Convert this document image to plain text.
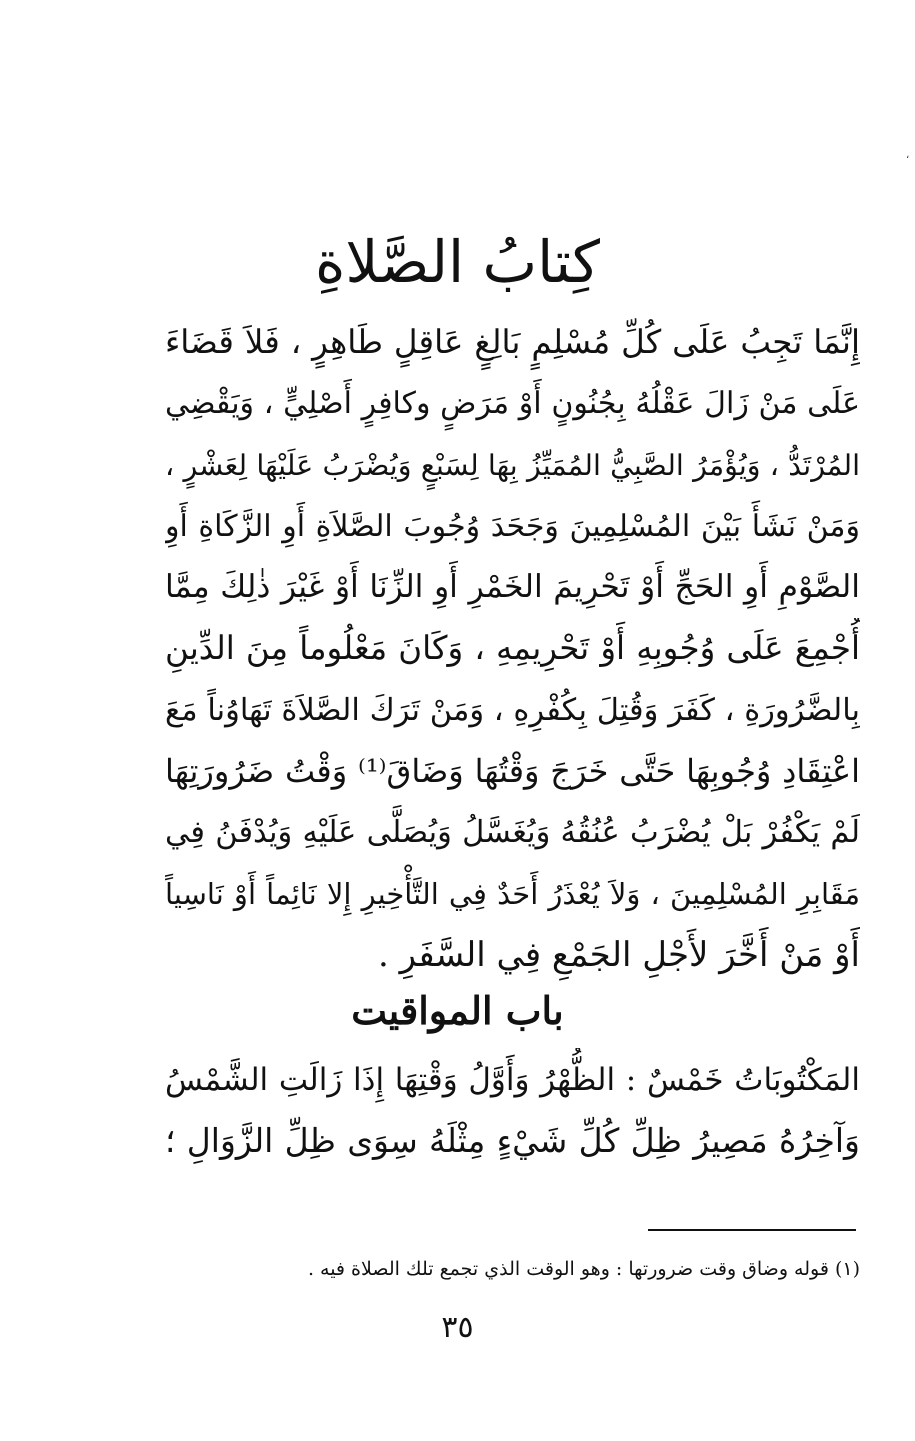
،
كِتابُ الصَّلاةِ
إِنَّمَا تَجِبُ عَلَى كُلِّ مُسْلِمٍ بَالِغٍ عَاقِلٍ طَاهِرٍ ، فَلاَ قَضَاءَ
عَلَى مَنْ زَالَ عَقْلُهُ بِجُنُونٍ أَوْ مَرَضٍ وكافِرٍ أَصْلِيٍّ ، وَيَقْضِي
المُرْتَدُّ ، وَيُؤْمَرُ الصَّبِيُّ المُمَيِّزُ بِهَا لِسَبْعٍ وَيُضْرَبُ عَلَيْهَا لِعَشْرٍ ،
وَمَنْ نَشَأَ بَيْنَ المُسْلِمِينَ وَجَحَدَ وُجُوبَ الصَّلاَةِ أَوِ الزَّكَاةِ أَوِ
الصَّوْمِ أَوِ الحَجِّ أَوْ تَحْرِيمَ الخَمْرِ أَوِ الزِّنَا أَوْ غَيْرَ ذٰلِكَ مِمَّا
أُجْمِعَ عَلَى وُجُوبِهِ أَوْ تَحْرِيمِهِ ، وَكَانَ مَعْلُوماً مِنَ الدِّينِ
بِالضَّرُورَةِ ، كَفَرَ وَقُتِلَ بِكُفْرِهِ ، وَمَنْ تَرَكَ الصَّلاَةَ تَهَاوُناً مَعَ
اعْتِقَادِ وُجُوبِهَا حَتَّى خَرَجَ وَقْتُهَا وَضَاقَ⁽¹⁾ وَقْتُ ضَرُورَتِهَا
لَمْ يَكْفُرْ بَلْ يُضْرَبُ عُنُقُهُ وَيُغَسَّلُ وَيُصَلَّى عَلَيْهِ وَيُدْفَنُ فِي
مَقَابِرِ المُسْلِمِينَ ، وَلاَ يُعْذَرُ أَحَدٌ فِي التَّأْخِيرِ إِلا نَائِماً أَوْ نَاسِياً
أَوْ مَنْ أَخَّرَ لأَجْلِ الجَمْعِ فِي السَّفَرِ .
باب المواقيت
المَكْتُوبَاتُ خَمْسٌ : الظُّهْرُ وَأَوَّلُ وَقْتِهَا إِذَا زَالَتِ الشَّمْسُ
وَآخِرُهُ مَصِيرُ ظِلِّ كُلِّ شَيْءٍ مِثْلَهُ سِوَى ظِلِّ الزَّوَالِ ؛
(١) قوله وضاق وقت ضرورتها : وهو الوقت الذي تجمع تلك الصلاة فيه .
٣٥
